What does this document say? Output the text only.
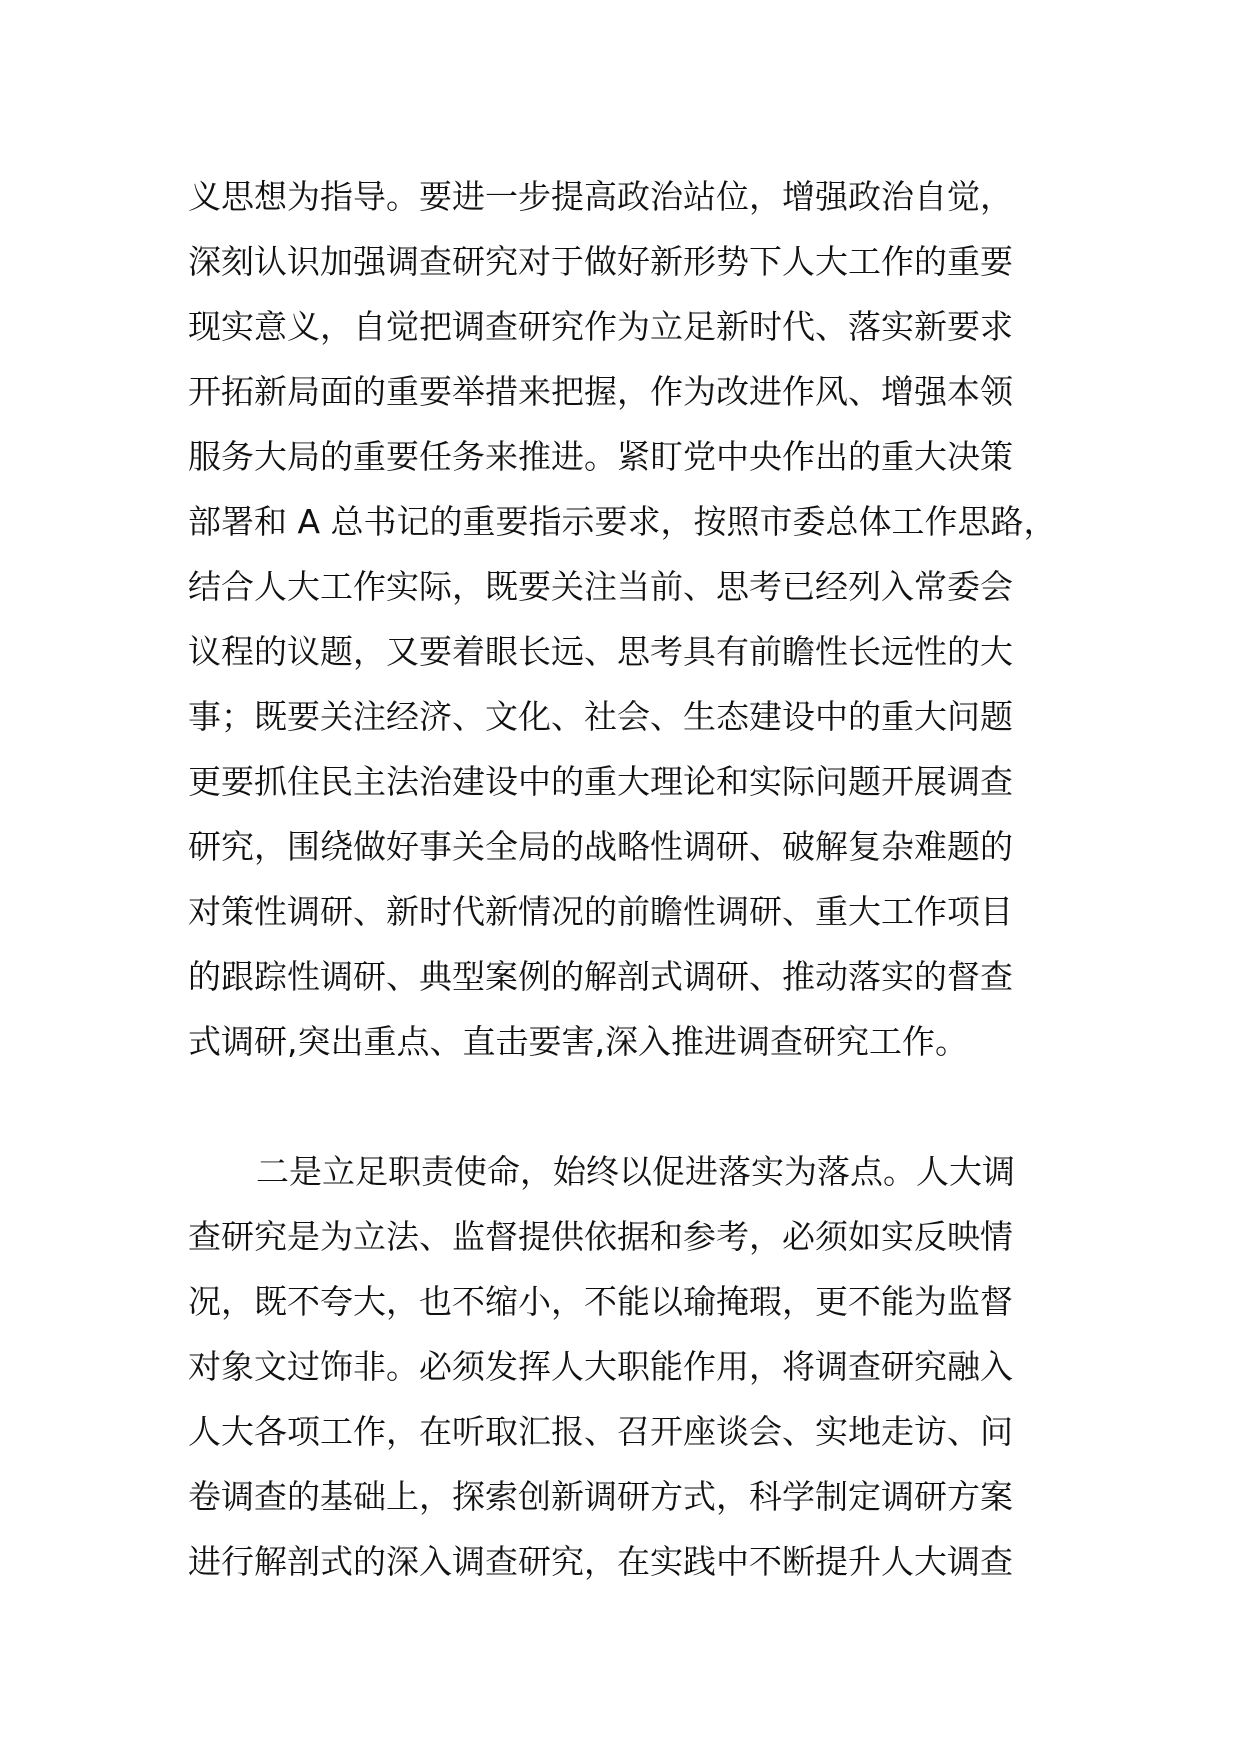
义思想为指导。要进一步提高政治站位，增强政治自觉，
深刻认识加强调查研究对于做好新形势下人大工作的重要
现实意义，自觉把调查研究作为立足新时代、落实新要求
开拓新局面的重要举措来把握，作为改进作风、增强本领
服务大局的重要任务来推进。紧盯党中央作出的重大决策
部署和 A 总书记的重要指示要求，按照市委总体工作思路，
结合人大工作实际，既要关注当前、思考已经列入常委会
议程的议题，又要着眼长远、思考具有前瞻性长远性的大
事；既要关注经济、文化、社会、生态建设中的重大问题
更要抓住民主法治建设中的重大理论和实际问题开展调查
研究，围绕做好事关全局的战略性调研、破解复杂难题的
对策性调研、新时代新情况的前瞻性调研、重大工作项目
的跟踪性调研、典型案例的解剖式调研、推动落实的督查
式调研,突出重点、直击要害,深入推进调查研究工作。
二是立足职责使命，始终以促进落实为落点。人大调
查研究是为立法、监督提供依据和参考，必须如实反映情
况，既不夸大，也不缩小，不能以瑜掩瑕，更不能为监督
对象文过饰非。必须发挥人大职能作用，将调查研究融入
人大各项工作，在听取汇报、召开座谈会、实地走访、问
卷调查的基础上，探索创新调研方式，科学制定调研方案
进行解剖式的深入调查研究，在实践中不断提升人大调查
